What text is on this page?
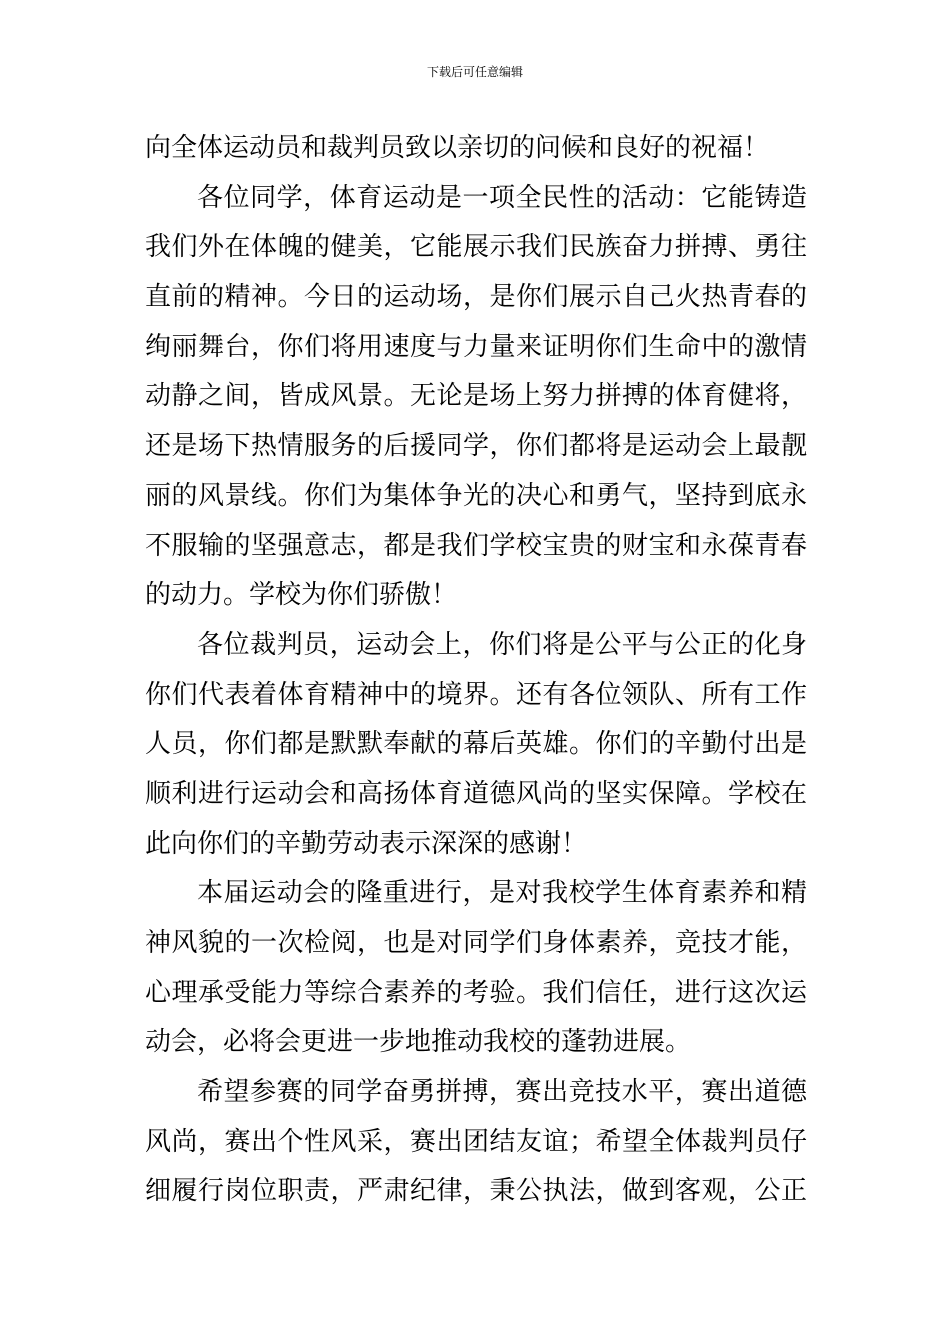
下载后可任意编辑
向全体运动员和裁判员致以亲切的问候和良好的祝福！
各位同学，体育运动是一项全民性的活动：它能铸造
我们外在体魄的健美，它能展示我们民族奋力拼搏、勇往
直前的精神。今日的运动场，是你们展示自己火热青春的
绚丽舞台，你们将用速度与力量来证明你们生命中的激情
动静之间，皆成风景。无论是场上努力拼搏的体育健将，
还是场下热情服务的后援同学，你们都将是运动会上最靓
丽的风景线。你们为集体争光的决心和勇气，坚持到底永
不服输的坚强意志，都是我们学校宝贵的财宝和永葆青春
的动力。学校为你们骄傲！
各位裁判员，运动会上，你们将是公平与公正的化身
你们代表着体育精神中的境界。还有各位领队、所有工作
人员，你们都是默默奉献的幕后英雄。你们的辛勤付出是
顺利进行运动会和高扬体育道德风尚的坚实保障。学校在
此向你们的辛勤劳动表示深深的感谢！
本届运动会的隆重进行，是对我校学生体育素养和精
神风貌的一次检阅，也是对同学们身体素养，竞技才能，
心理承受能力等综合素养的考验。我们信任，进行这次运
动会，必将会更进一步地推动我校的蓬勃进展。
希望参赛的同学奋勇拼搏，赛出竞技水平，赛出道德
风尚，赛出个性风采，赛出团结友谊；希望全体裁判员仔
细履行岗位职责，严肃纪律，秉公执法，做到客观，公正
